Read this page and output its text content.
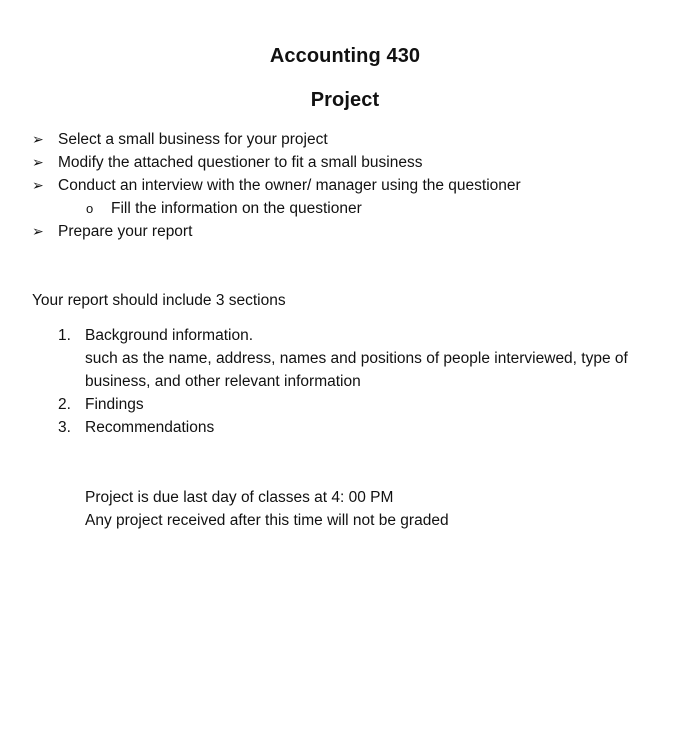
Accounting 430
Project
➢ Select a small business for your project
➢ Modify the attached questioner to fit a small business
➢ Conduct an interview with the owner/ manager using the questioner
o Fill the information on the questioner
➢ Prepare your report
Your report should include 3 sections
1. Background information.
such as the name, address, names and positions of people interviewed, type of business, and other relevant information
2. Findings
3. Recommendations
Project is due last day of classes at 4: 00 PM
Any project received after this time will not be graded
